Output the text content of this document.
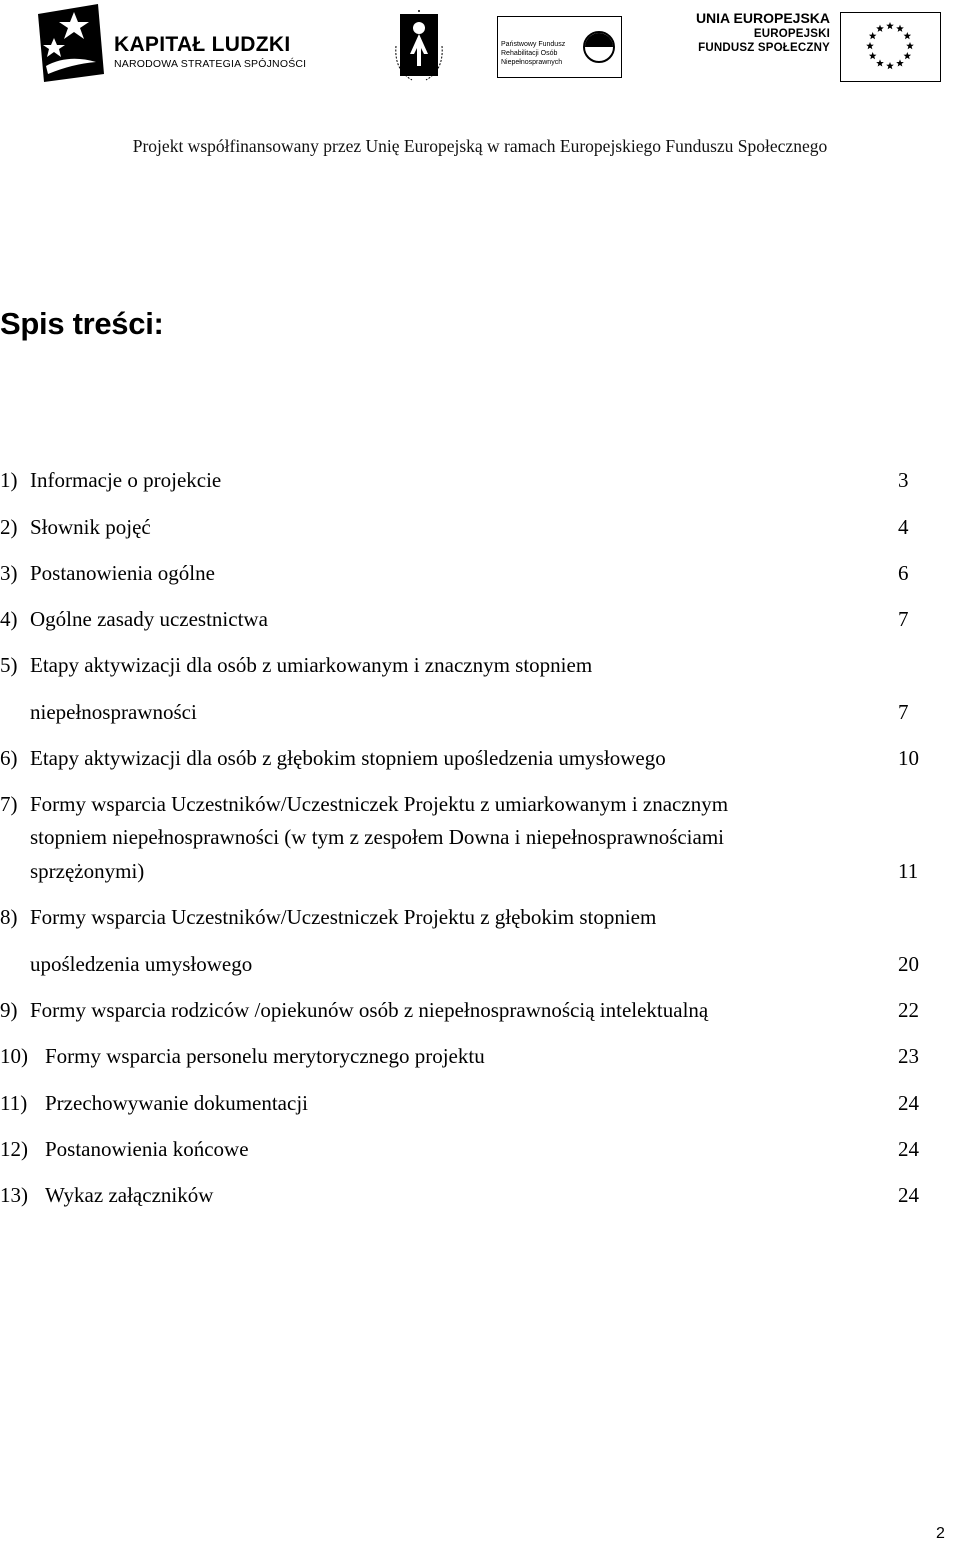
KAPITAŁ LUDZKI
NARODOWA STRATEGIA SPÓJNOŚCI
Państwowy Fundusz
Rehabilitacji Osób
Niepełnosprawnych
UNIA EUROPEJSKA
EUROPEJSKI
FUNDUSZ SPOŁECZNY
Projekt współfinansowany przez Unię Europejską w ramach Europejskiego Funduszu Społecznego
Spis treści:
1) Informacje o projekcie	3
2) Słownik pojęć	4
3) Postanowienia ogólne	6
4) Ogólne zasady uczestnictwa	7
5) Etapy aktywizacji dla osób z umiarkowanym i znacznym stopniem
niepełnosprawności	7
6) Etapy aktywizacji dla osób z głębokim stopniem upośledzenia umysłowego	10
7) Formy wsparcia Uczestników/Uczestniczek Projektu z umiarkowanym i znacznym
stopniem niepełnosprawności (w tym z zespołem Downa i niepełnosprawnościami
sprzężonymi)	11
8) Formy wsparcia Uczestników/Uczestniczek Projektu z głębokim stopniem
upośledzenia umysłowego	20
9) Formy wsparcia rodziców /opiekunów osób z niepełnosprawnością intelektualną	22
10) Formy wsparcia personelu merytorycznego projektu	23
11) Przechowywanie dokumentacji	24
12) Postanowienia końcowe	24
13) Wykaz załączników	24
2
